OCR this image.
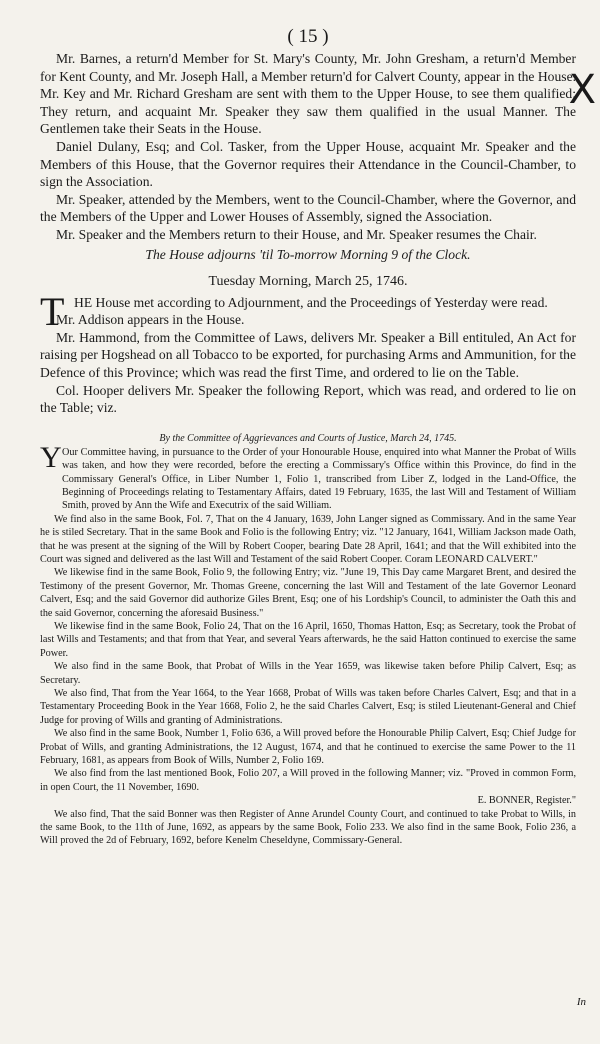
X
( 15 )

Mr. Barnes, a return'd Member for St. Mary's County, Mr. John Gresham, a return'd Member for Kent County, and Mr. Joseph Hall, a Member return'd for Calvert County, appear in the House. Mr. Key and Mr. Richard Gresham are sent with them to the Upper House, to see them qualified: They return, and acquaint Mr. Speaker they saw them qualified in the usual Manner. The Gentlemen take their Seats in the House.

Daniel Dulany, Esq; and Col. Tasker, from the Upper House, acquaint Mr. Speaker and the Members of this House, that the Governor requires their Attendance in the Council-Chamber, to sign the Association.

Mr. Speaker, attended by the Members, went to the Council-Chamber, where the Governor, and the Members of the Upper and Lower Houses of Assembly, signed the Association.

Mr. Speaker and the Members return to their House, and Mr. Speaker resumes the Chair.

The House adjourns 'til To-morrow Morning 9 of the Clock.
Tuesday Morning, March 25, 1746.
T HE House met according to Adjournment, and the Proceedings of Yesterday were read.

Mr. Addison appears in the House.

Mr. Hammond, from the Committee of Laws, delivers Mr. Speaker a Bill entituled, An Act for raising per Hogshead on all Tobacco to be exported, for purchasing Arms and Ammunition, for the Defence of this Province; which was read the first Time, and ordered to lie on the Table.

Col. Hooper delivers Mr. Speaker the following Report, which was read, and ordered to lie on the Table; viz.

By the Committee of Aggrievances and Courts of Justice, March 24, 1745.
Y Our Committee having, in pursuance to the Order of your Honourable House, enquired into what Manner the Probat of Wills was taken, and how they were recorded, before the erecting a Commissary's Office within this Province, do find in the Commissary General's Office, in Liber Number 1, Folio 1, transcribed from Liber Z, lodged in the Land-Office, the Beginning of Proceedings relating to Testamentary Affairs, dated 19 February, 1635, the last Will and Testament of William Smith, proved by Ann the Wife and Executrix of the said William.

We find also in the same Book, Fol. 7, That on the 4 January, 1639, John Langer signed as Commissary. And in the same Year he is stiled Secretary. That in the same Book and Folio is the following Entry; viz. "12 January, 1641, William Jackson made Oath, that he was present at the signing of the Will by Robert Cooper, bearing Date 28 April, 1641; and that the Will exhibited into the Court was signed and delivered as the last Will and Testament of the said Robert Cooper. Coram LEONARD CALVERT."

We likewise find in the same Book, Folio 9, the following Entry; viz. "June 19, This Day came Margaret Brent, and desired the Testimony of the present Governor, Mr. Thomas Greene, concerning the last Will and Testament of the late Governor Leonard Calvert, Esq; and the said Governor did authorize Giles Brent, Esq; one of his Lordship's Council, to administer the Oath this and the said Governor, concerning the aforesaid Business."

We likewise find in the same Book, Folio 24, That on the 16 April, 1650, Thomas Hatton, Esq; as Secretary, took the Probat of last Wills and Testaments; and that from that Year, and several Years afterwards, he the said Hatton continued to exercise the same Power.

We also find in the same Book, that Probat of Wills in the Year 1659, was likewise taken before Philip Calvert, Esq; as Secretary.

We also find, That from the Year 1664, to the Year 1668, Probat of Wills was taken before Charles Calvert, Esq; and that in a Testamentary Proceeding Book in the Year 1668, Folio 2, he the said Charles Calvert, Esq; is stiled Lieutenant-General and Chief Judge for proving of Wills and granting of Administrations.

We also find in the same Book, Number 1, Folio 636, a Will proved before the Honourable Philip Calvert, Esq; Chief Judge for Probat of Wills, and granting Administrations, the 12 August, 1674, and that he continued to exercise the same Power to the 11 February, 1681, as appears from Book of Wills, Number 2, Folio 169.

We also find from the last mentioned Book, Folio 207, a Will proved in the following Manner; viz. "Proved in common Form, in open Court, the 11 November, 1690.

E. BONNER, Register."

We also find, That the said Bonner was then Register of Anne Arundel County Court, and continued to take Probat to Wills, in the same Book, to the 11th of June, 1692, as appears by the same Book, Folio 233. We also find in the same Book, Folio 236, a Will proved the 2d of February, 1692, before Kenelm Cheseldyne, Commissary-General.

In
